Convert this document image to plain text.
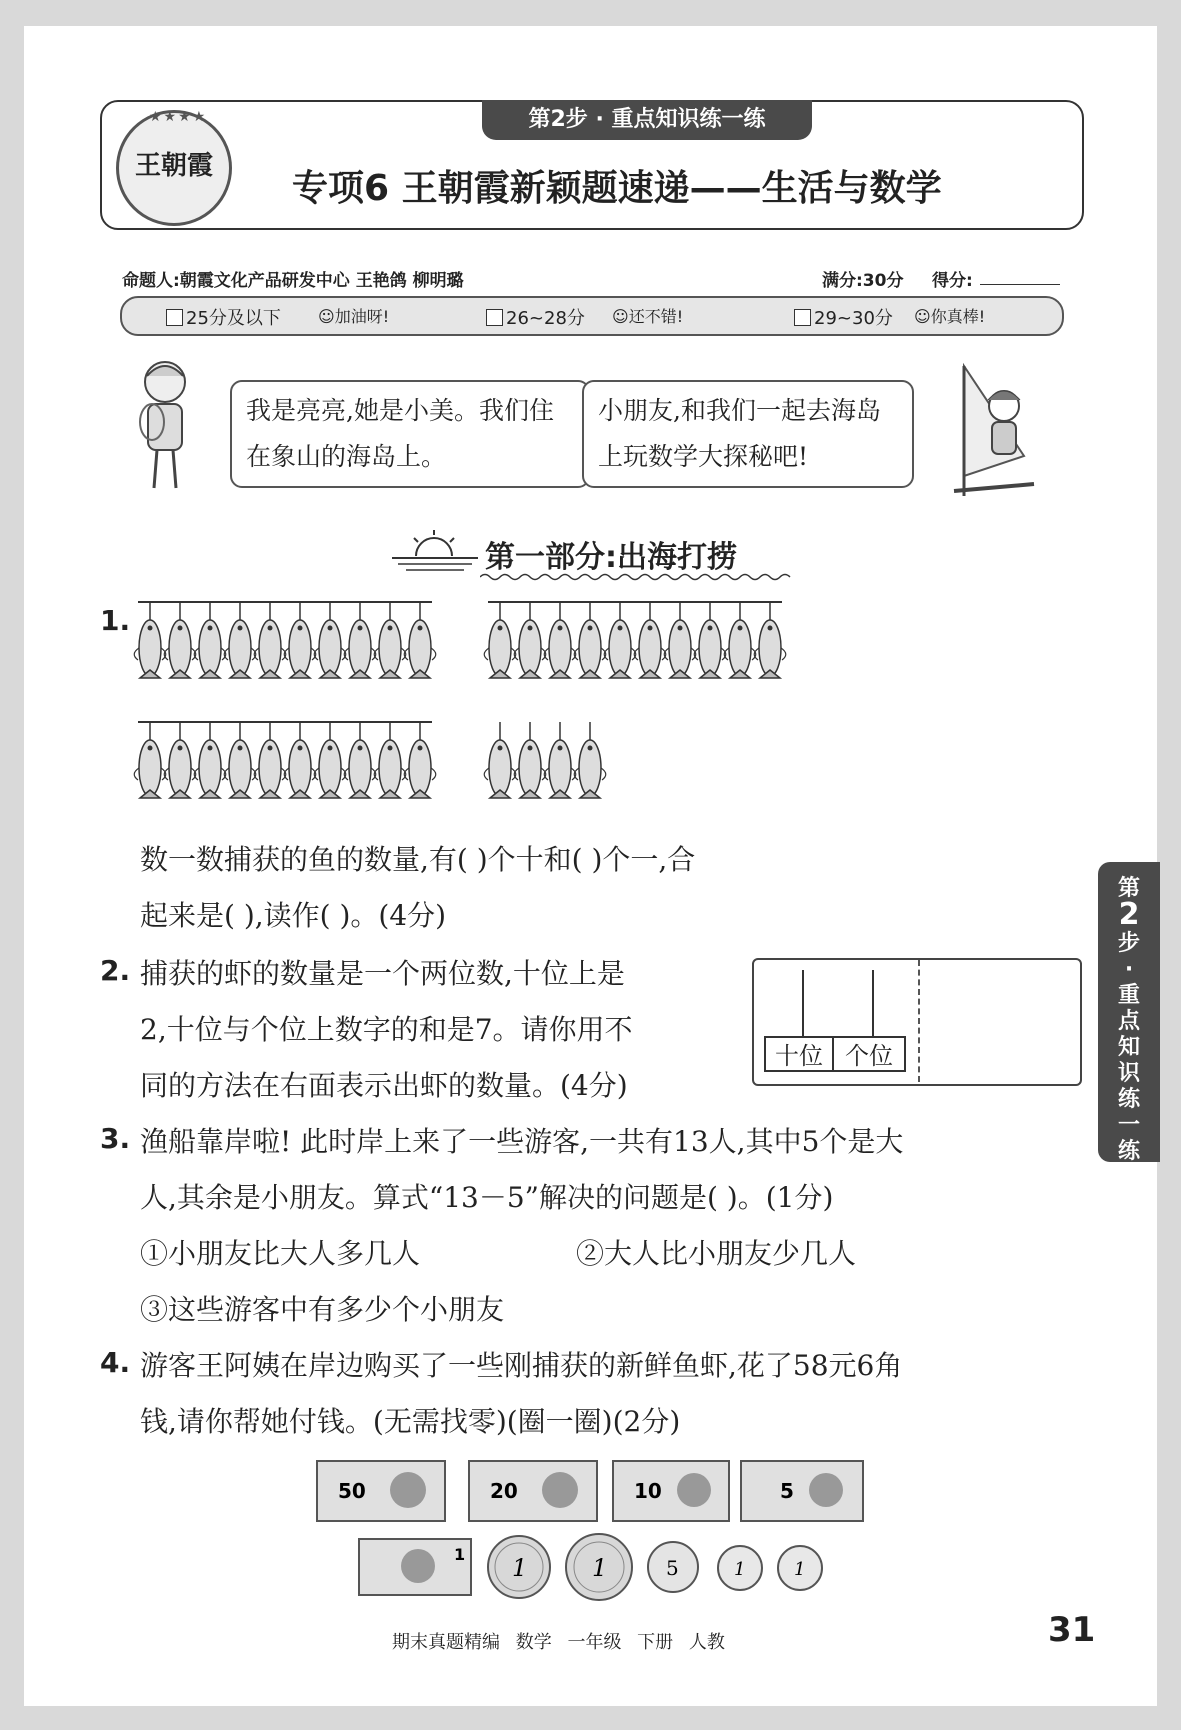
第2步 · 重点知识练一练
★★★★
王朝霞
专项6 王朝霞新颖题速递——生活与数学
命题人:朝霞文化产品研发中心 王艳鸽 柳明璐	满分:30分 得分:
25分及以下 ☺加油呀!	26~28分 ☺还不错!	29~30分 ☺你真棒!
我是亮亮,她是小美。我们住在象山的海岛上。
小朋友,和我们一起去海岛上玩数学大探秘吧!
第一部分:出海打捞
1.
数一数捕获的鱼的数量,有( )个十和( )个一,合
起来是( ),读作( )。(4分)
2. 捕获的虾的数量是一个两位数,十位上是
2,十位与个位上数字的和是7。请你用不
同的方法在右面表示出虾的数量。(4分)
十位 个位
第
2
步
·
重
点
知
识
练
一
练
3. 渔船靠岸啦! 此时岸上来了一些游客,一共有13人,其中5个是大
人,其余是小朋友。算式“13－5”解决的问题是( )。(1分)
①小朋友比大人多几人	②大人比小朋友少几人
③这些游客中有多少个小朋友
4. 游客王阿姨在岸边购买了一些刚捕获的新鲜鱼虾,花了58元6角
钱,请你帮她付钱。(无需找零)(圈一圈)(2分)
50	20	10	5
1 1	1	5	1	1
期末真题精编 数学 一年级 下册 人教	31
